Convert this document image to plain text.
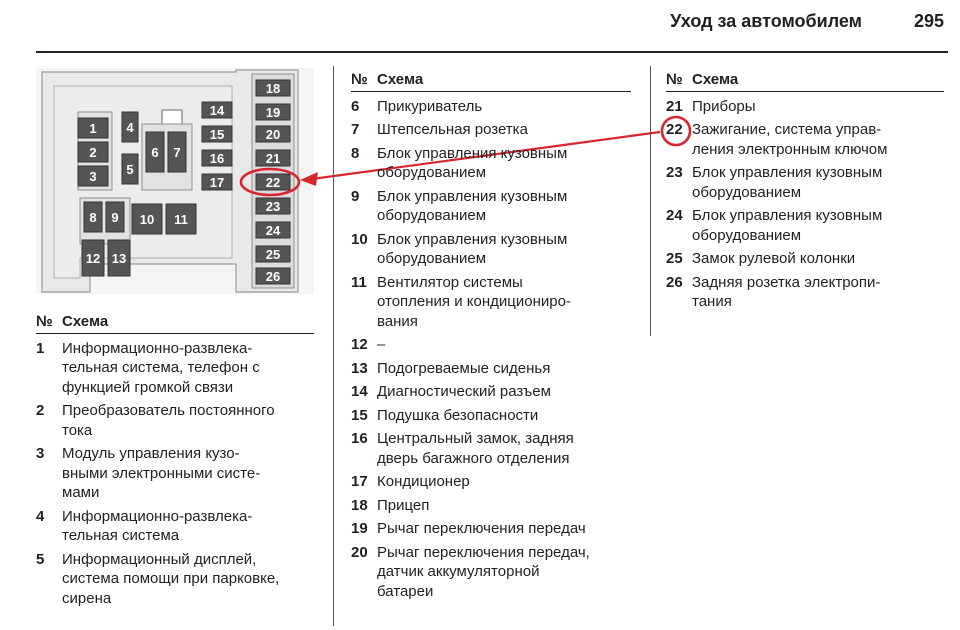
Уход за автомобилем	295
1
2
3
4
5
6 7
8 9 10 11
12 13
14
15
16
17
18
19
20
21
22
23
24
25
26
№ Схема
1	Информационно-развлека-
тельная система, телефон с
функцией громкой связи
2	Преобразователь постоянного
тока
3	Модуль управления кузо-
вными электронными систе-
мами
4	Информационно-развлека-
тельная система
5	Информационный дисплей,
система помощи при парковке,
сирена
№ Схема
6	Прикуриватель
7	Штепсельная розетка
8	Блок управления кузовным
оборудованием
9	Блок управления кузовным
оборудованием
10 Блок управления кузовным
оборудованием
11 Вентилятор системы
отопления и кондициониро-
вания
12 –
13 Подогреваемые сиденья
14 Диагностический разъем
15 Подушка безопасности
16 Центральный замок, задняя
дверь багажного отделения
17 Кондиционер
18 Прицеп
19 Рычаг переключения передач
20 Рычаг переключения передач,
датчик аккумуляторной
батареи
№ Схема
21 Приборы
22 Зажигание, система управ-
ления электронным ключом
23 Блок управления кузовным
оборудованием
24 Блок управления кузовным
оборудованием
25 Замок рулевой колонки
26 Задняя розетка электропи-
тания
